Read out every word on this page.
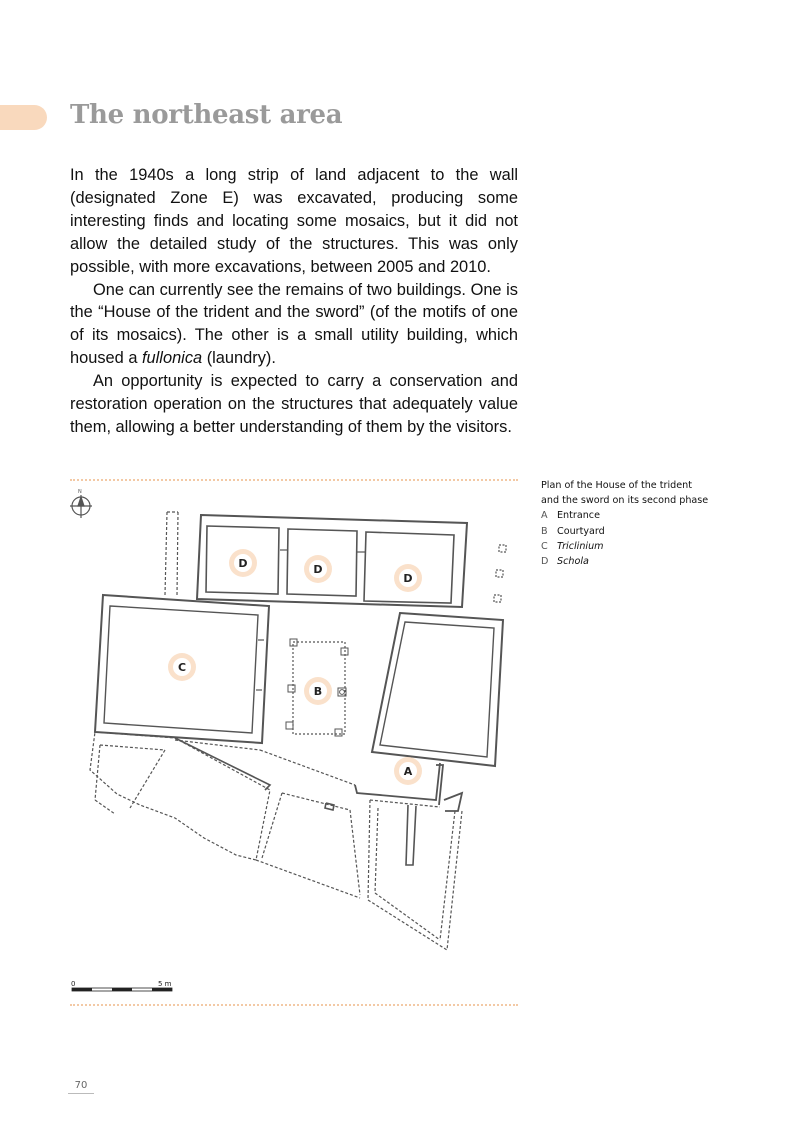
The northeast area

In the 1940s a long strip of land adjacent to the wall (designated Zone E) was excavated, producing some interesting finds and locating some mosaics, but it did not allow the detailed study of the structures. This was only possible, with more excavations, between 2005 and 2010.

One can currently see the remains of two buildings. One is the “House of the trident and the sword” (of the motifs of one of its mosaics). The other is a small utility building, which housed a fullonica (laundry).

An opportunity is expected to carry a conservation and restoration operation on the structures that adequately value them, allowing a better understanding of them by the visitors.

Plan of the House of the trident
and the sword on its second phase
A Entrance
B Courtyard
C Triclinium
D Schola
N
D	D
D
C
B
A
0	5 m
70
